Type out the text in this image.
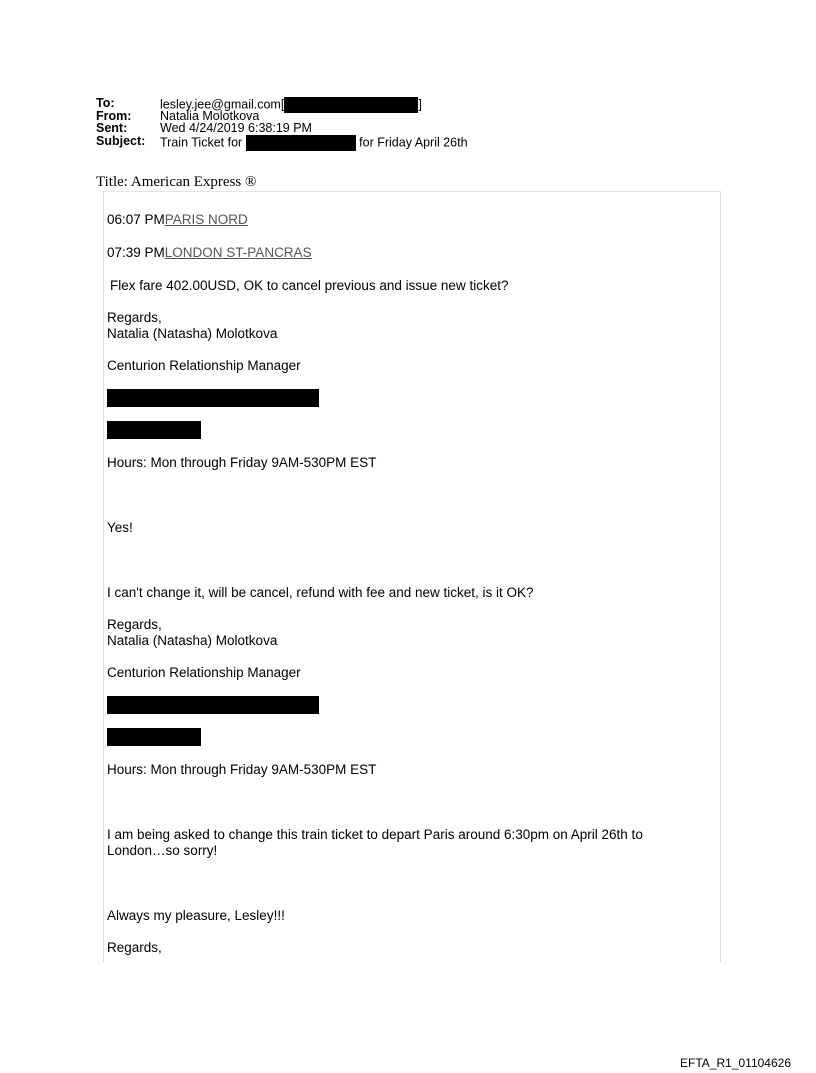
To:	lesley.jee@gmail.com[	]
From: Natalia Molotkova
Sent:	Wed 4/24/2019 6:38:19 PM
Subject: Train Ticket for	for Friday April 26th
Title: American Express ®
06:07 PMPARIS NORD
07:39 PMLONDON ST-PANCRAS
Flex fare 402.00USD, OK to cancel previous and issue new ticket?
Regards,
Natalia (Natasha) Molotkova
Centurion Relationship Manager
Hours: Mon through Friday 9AM-530PM EST
Yes!
I can't change it, will be cancel, refund with fee and new ticket, is it OK?
Regards,
Natalia (Natasha) Molotkova
Centurion Relationship Manager
Hours: Mon through Friday 9AM-530PM EST
I am being asked to change this train ticket to depart Paris around 6:30pm on April 26th to
London…so sorry!
Always my pleasure, Lesley!!!
Regards,
EFTA_R1_01104626
